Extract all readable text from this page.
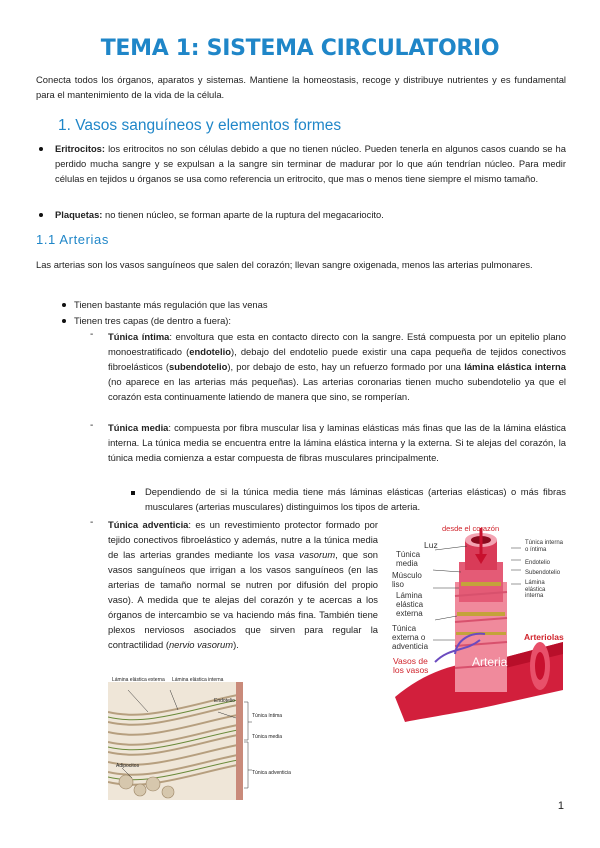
TEMA 1: SISTEMA CIRCULATORIO
Conecta todos los órganos, aparatos y sistemas. Mantiene la homeostasis, recoge y distribuye nutrientes y es fundamental para el mantenimiento de la vida de la célula.
1. Vasos sanguíneos y elementos formes
Eritrocitos: los eritrocitos no son células debido a que no tienen núcleo. Pueden tenerla en algunos casos cuando se ha perdido mucha sangre y se expulsan a la sangre sin terminar de madurar por lo que aún tendrían núcleo. Para medir células en tejidos u órganos se usa como referencia un eritrocito, que mas o menos tiene siempre el mismo tamaño.
Plaquetas: no tienen núcleo, se forman aparte de la ruptura del megacariocito.
1.1 Arterias
Las arterias son los vasos sanguíneos que salen del corazón; llevan sangre oxigenada, menos las arterias pulmonares.
Tienen bastante más regulación que las venas
Tienen tres capas (de dentro a fuera):
- Túnica íntima: envoltura que esta en contacto directo con la sangre. Está compuesta por un epitelio plano monoestratificado (endotelio), debajo del endotelio puede existir una capa pequeña de tejidos conectivos fibroelásticos (subendotelio), por debajo de esto, hay un refuerzo formado por una lámina elástica interna (no aparece en las arterias más pequeñas). Las arterias coronarias tienen mucho subendotelio ya que el corazón esta continuamente latiendo de manera que sino, se romperían.
- Túnica media: compuesta por fibra muscular lisa y laminas elásticas más finas que las de la lámina elástica interna. La túnica media se encuentra entre la lámina elástica interna y la externa. Si te alejas del corazón, la túnica media comienza a estar compuesta de fibras musculares principalmente.
Dependiendo de si la túnica media tiene más láminas elásticas (arterias elásticas) o más fibras musculares (arterias musculares) distinguimos los tipos de arteria.
- Túnica adventicia: es un revestimiento protector formado por tejido conectivos fibroelástico y además, nutre a la túnica media de las arterias grandes mediante los vasa vasorum, que son vasos sanguíneos que irrigan a los vasos sanguíneos (en las arterias de tamaño normal se nutren por difusión del propio vaso). A medida que te alejas del corazón y te acercas a los órganos de intercambio se va haciendo más fina. También tiene plexos nerviosos asociados que sirven para regular la contractilidad (nervio vasorum).
desde el corazón
Luz
Túnica media
Músculo liso
Lámina elástica externa
Túnica externa o adventicia
Vasos de los vasos
Arteria
Arteriolas
Túnica interna o íntima
Endotelio
Subendotelio
Lámina elástica interna
Lámina elástica externa Lámina elástica interna
Endotelio
Túnica íntima
Túnica media
Adipocitos
Túnica adventicia
1
